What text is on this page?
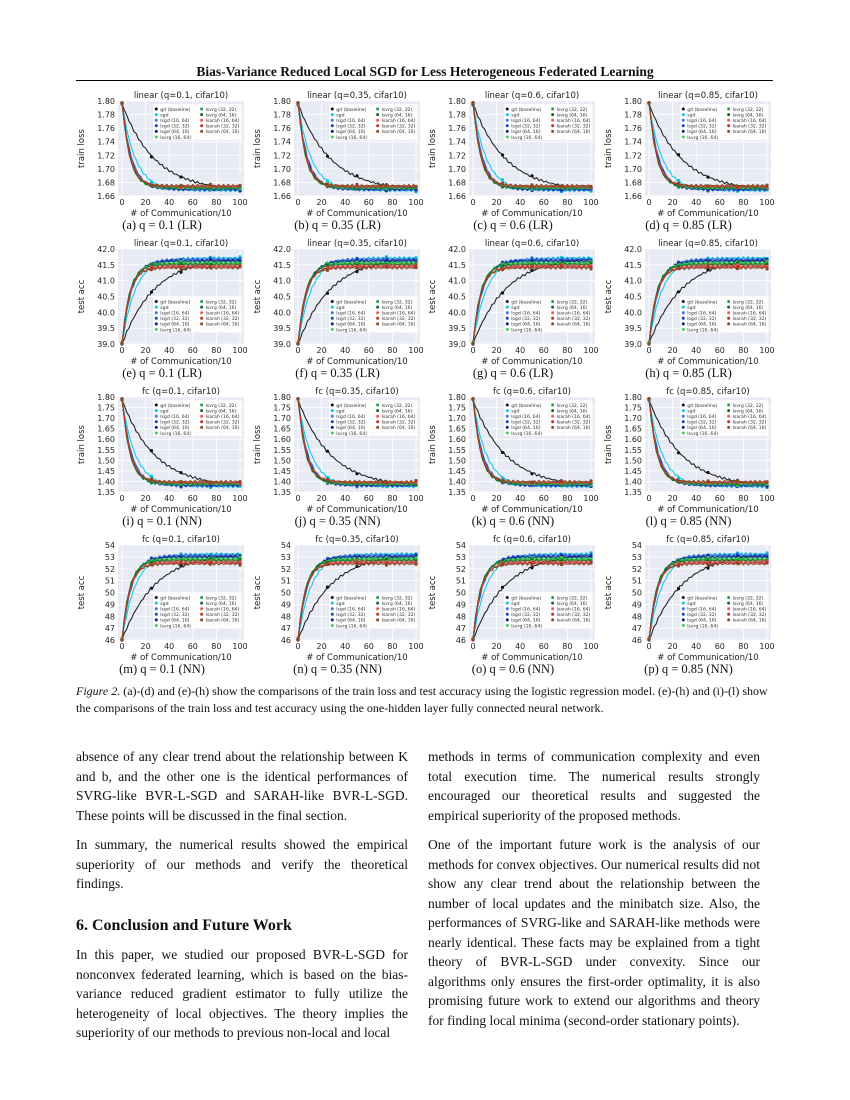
Bias-Variance Reduced Local SGD for Less Heterogeneous Federated Learning
linear (q=0.1, cifar10)
1.80
1.78
1.76
1.74
1.72
1.70
1.68
1.66
0 20 40 60 80 100
# of Communication/10
train loss
gd (baseline)
sgd
lsgd (16, 64)
lsgd (32, 32)
lsgd (64, 16)
lsvrg (16, 64)
lsvrg (32, 32)
lsvrg (64, 16)
lsarah (16, 64)
lsarah (32, 32)
lsarah (64, 16)
(a) q = 0.1 (LR)
linear (q=0.35, cifar10)
1.80
1.78
1.76
1.74
1.72
1.70
1.68
1.66
0 20 40 60 80 100
# of Communication/10
train loss
gd (baseline)
sgd
lsgd (16, 64)
lsgd (32, 32)
lsgd (64, 16)
lsvrg (16, 64)
lsvrg (32, 32)
lsvrg (64, 16)
lsarah (16, 64)
lsarah (32, 32)
lsarah (64, 16)
(b) q = 0.35 (LR)
linear (q=0.6, cifar10)
1.80
1.78
1.76
1.74
1.72
1.70
1.68
1.66
0 20 40 60 80 100
# of Communication/10
train loss
gd (baseline)
sgd
lsgd (16, 64)
lsgd (32, 32)
lsgd (64, 16)
lsvrg (16, 64)
lsvrg (32, 32)
lsvrg (64, 16)
lsarah (16, 64)
lsarah (32, 32)
lsarah (64, 16)
(c) q = 0.6 (LR)
linear (q=0.85, cifar10)
1.80
1.78
1.76
1.74
1.72
1.70
1.68
1.66
0 20 40 60 80 100
# of Communication/10
train loss
gd (baseline)
sgd
lsgd (16, 64)
lsgd (32, 32)
lsgd (64, 16)
lsvrg (16, 64)
lsvrg (32, 32)
lsvrg (64, 16)
lsarah (16, 64)
lsarah (32, 32)
lsarah (64, 16)
(d) q = 0.85 (LR)
linear (q=0.1, cifar10)
42.0
41.5
41.0
40.5
40.0
39.5
39.0
0 20 40 60 80 100
# of Communication/10
test acc	gd (baseline)
sgd
lsgd (16, 64)
lsgd (32, 32)
lsgd (64, 16)
lsvrg (16, 64)
lsvrg (32, 32)
lsvrg (64, 16)
lsarah (16, 64)
lsarah (32, 32)
lsarah (64, 16)
(e) q = 0.1 (LR)
linear (q=0.35, cifar10)
42.0
41.5
41.0
40.5
40.0
39.5
39.0
0 20 40 60 80 100
# of Communication/10
test acc	gd (baseline)
sgd
lsgd (16, 64)
lsgd (32, 32)
lsgd (64, 16)
lsvrg (16, 64)
lsvrg (32, 32)
lsvrg (64, 16)
lsarah (16, 64)
lsarah (32, 32)
lsarah (64, 16)
(f) q = 0.35 (LR)
linear (q=0.6, cifar10)
42.0
41.5
41.0
40.5
40.0
39.5
39.0
0 20 40 60 80 100
# of Communication/10
test acc	gd (baseline)
sgd
lsgd (16, 64)
lsgd (32, 32)
lsgd (64, 16)
lsvrg (16, 64)
lsvrg (32, 32)
lsvrg (64, 16)
lsarah (16, 64)
lsarah (32, 32)
lsarah (64, 16)
(g) q = 0.6 (LR)
linear (q=0.85, cifar10)
42.0
41.5
41.0
40.5
40.0
39.5
39.0
0 20 40 60 80 100
# of Communication/10
test acc	gd (baseline)
sgd
lsgd (16, 64)
lsgd (32, 32)
lsgd (64, 16)
lsvrg (16, 64)
lsvrg (32, 32)
lsvrg (64, 16)
lsarah (16, 64)
lsarah (32, 32)
lsarah (64, 16)
(h) q = 0.85 (LR)
fc (q=0.1, cifar10)
1.80
1.75
1.70
1.65
1.60
1.55
1.50
1.45
1.40
1.35
0 20 40 60 80 100
# of Communication/10
train loss
gd (baseline)
sgd
lsgd (16, 64)
lsgd (32, 32)
lsgd (64, 16)
lsvrg (16, 64)
lsvrg (32, 32)
lsvrg (64, 16)
lsarah (16, 64)
lsarah (32, 32)
lsarah (64, 16)
(i) q = 0.1 (NN)
fc (q=0.35, cifar10)
1.80
1.75
1.70
1.65
1.60
1.55
1.50
1.45
1.40
1.35
0 20 40 60 80 100
# of Communication/10
train loss
gd (baseline)
sgd
lsgd (16, 64)
lsgd (32, 32)
lsgd (64, 16)
lsvrg (16, 64)
lsvrg (32, 32)
lsvrg (64, 16)
lsarah (16, 64)
lsarah (32, 32)
lsarah (64, 16)
(j) q = 0.35 (NN)
fc (q=0.6, cifar10)
1.80
1.75
1.70
1.65
1.60
1.55
1.50
1.45
1.40
1.35
0 20 40 60 80 100
# of Communication/10
train loss
gd (baseline)
sgd
lsgd (16, 64)
lsgd (32, 32)
lsgd (64, 16)
lsvrg (16, 64)
lsvrg (32, 32)
lsvrg (64, 16)
lsarah (16, 64)
lsarah (32, 32)
lsarah (64, 16)
(k) q = 0.6 (NN)
fc (q=0.85, cifar10)
1.80
1.75
1.70
1.65
1.60
1.55
1.50
1.45
1.40
1.35
0 20 40 60 80 100
# of Communication/10
train loss
gd (baseline)
sgd
lsgd (16, 64)
lsgd (32, 32)
lsgd (64, 16)
lsvrg (16, 64)
lsvrg (32, 32)
lsvrg (64, 16)
lsarah (16, 64)
lsarah (32, 32)
lsarah (64, 16)
(l) q = 0.85 (NN)
fc (q=0.1, cifar10)
54
53
52
51
50
49
48
47
46
0 20 40 60 80 100
# of Communication/10
test acc	gd (baseline)
sgd
lsgd (16, 64)
lsgd (32, 32)
lsgd (64, 16)
lsvrg (16, 64)
lsvrg (32, 32)
lsvrg (64, 16)
lsarah (16, 64)
lsarah (32, 32)
lsarah (64, 16)
(m) q = 0.1 (NN)
fc (q=0.35, cifar10)
54
53
52
51
50
49
48
47
46
0 20 40 60 80 100
# of Communication/10
test acc	gd (baseline)
sgd
lsgd (16, 64)
lsgd (32, 32)
lsgd (64, 16)
lsvrg (16, 64)
lsvrg (32, 32)
lsvrg (64, 16)
lsarah (16, 64)
lsarah (32, 32)
lsarah (64, 16)
(n) q = 0.35 (NN)
fc (q=0.6, cifar10)
54
53
52
51
50
49
48
47
46
0 20 40 60 80 100
# of Communication/10
test acc	gd (baseline)
sgd
lsgd (16, 64)
lsgd (32, 32)
lsgd (64, 16)
lsvrg (16, 64)
lsvrg (32, 32)
lsvrg (64, 16)
lsarah (16, 64)
lsarah (32, 32)
lsarah (64, 16)
(o) q = 0.6 (NN)
fc (q=0.85, cifar10)
54
53
52
51
50
49
48
47
46
0 20 40 60 80 100
# of Communication/10
test acc	gd (baseline)
sgd
lsgd (16, 64)
lsgd (32, 32)
lsgd (64, 16)
lsvrg (16, 64)
lsvrg (32, 32)
lsvrg (64, 16)
lsarah (16, 64)
lsarah (32, 32)
lsarah (64, 16)
(p) q = 0.85 (NN)
Figure 2. (a)-(d) and (e)-(h) show the comparisons of the train loss and test accuracy using the logistic regression model. (e)-(h) and (i)-(l) show the comparisons of the train loss and test accuracy using the one-hidden layer fully connected neural network.

absence of any clear trend about the relationship between K and b, and the other one is the identical performances of SVRG-like BVR-L-SGD and SARAH-like BVR-L-SGD. These points will be discussed in the final section.

In summary, the numerical results showed the empirical superiority of our methods and verify the theoretical findings.

6. Conclusion and Future Work

In this paper, we studied our proposed BVR-L-SGD for nonconvex federated learning, which is based on the bias-variance reduced gradient estimator to fully utilize the heterogeneity of local objectives. The theory implies the superiority of our methods to previous non-local and local

methods in terms of communication complexity and even total execution time. The numerical results strongly encouraged our theoretical results and suggested the empirical superiority of the proposed methods.

One of the important future work is the analysis of our methods for convex objectives. Our numerical results did not show any clear trend about the relationship between the number of local updates and the minibatch size. Also, the performances of SVRG-like and SARAH-like methods were nearly identical. These facts may be explained from a tight theory of BVR-L-SGD under convexity. Since our algorithms only ensures the first-order optimality, it is also promising future work to extend our algorithms and theory for finding local minima (second-order stationary points).
